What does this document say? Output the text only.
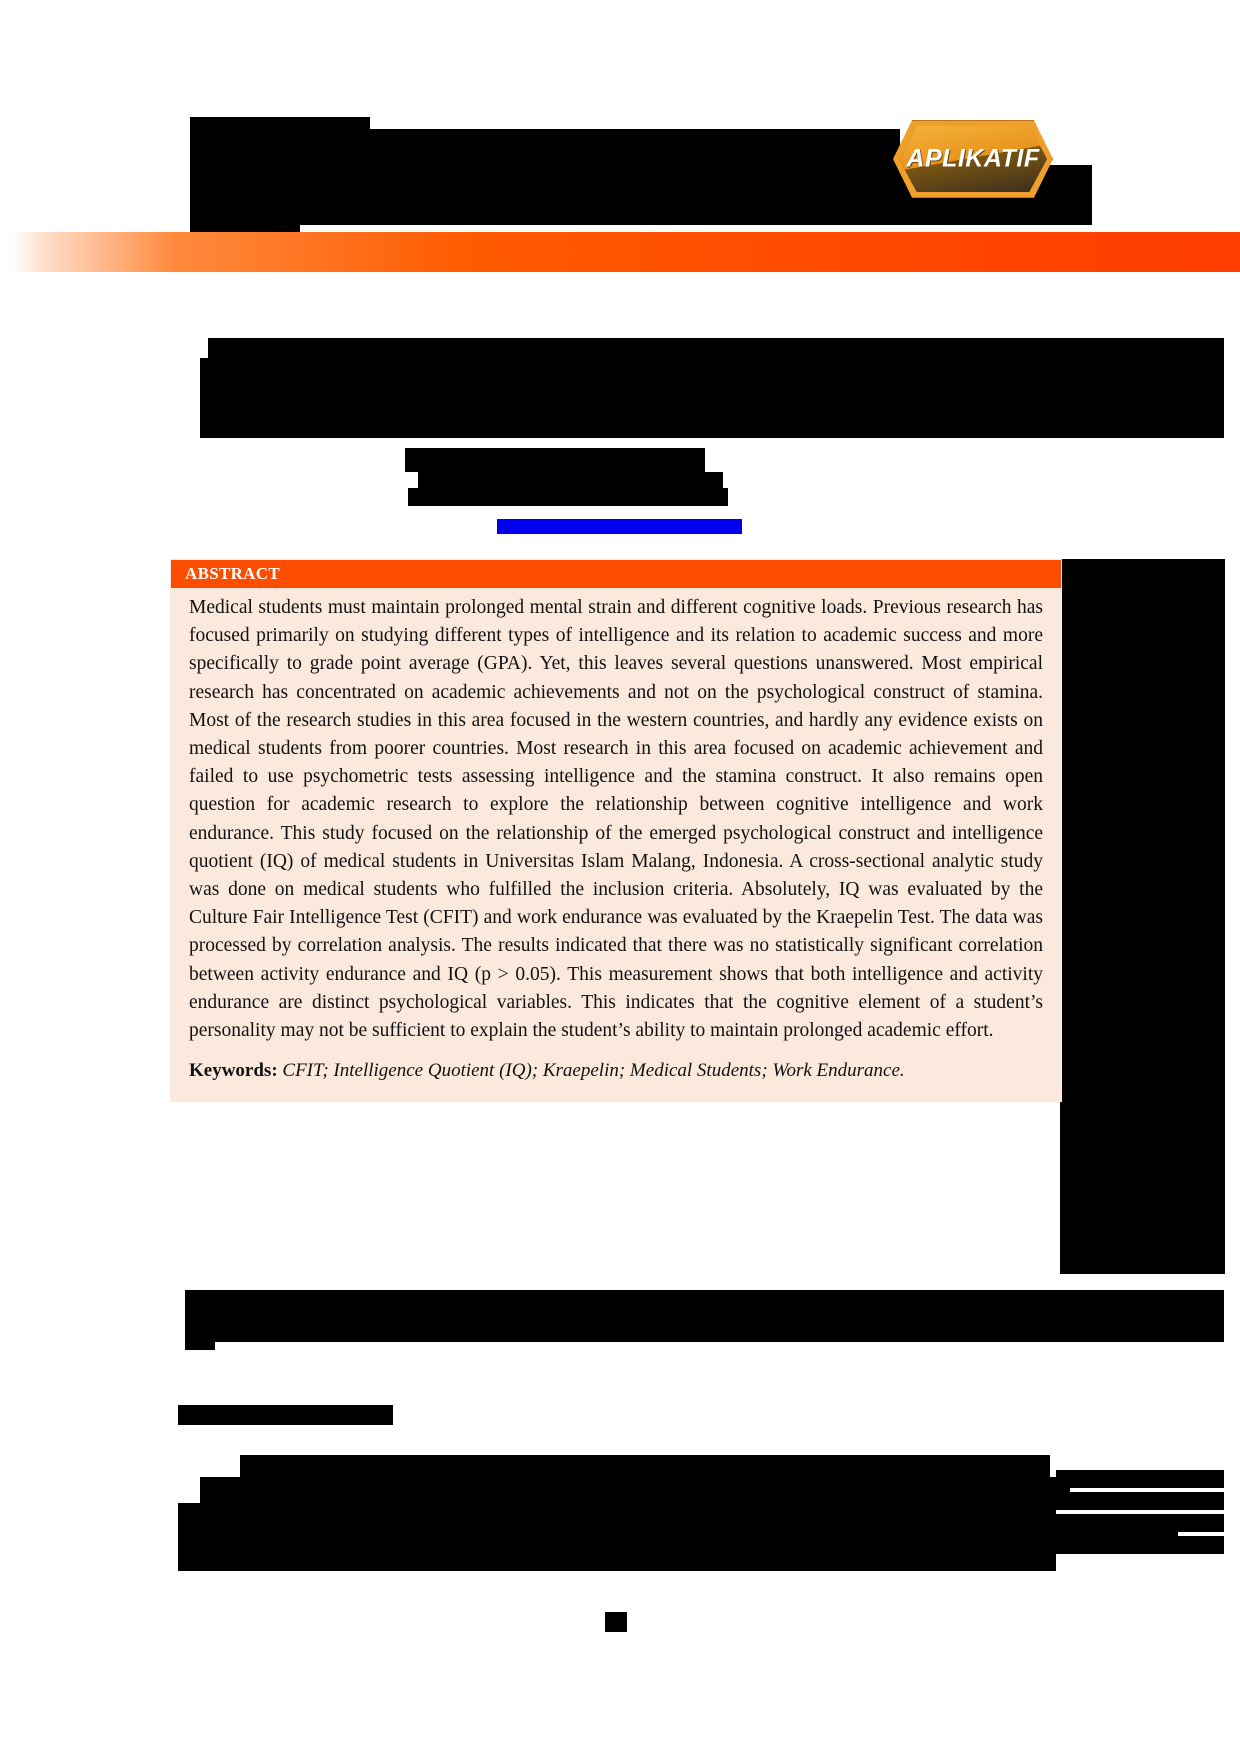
APLIKATIF
ABSTRACT
Medical students must maintain prolonged mental strain and different cognitive loads. Previous research has focused primarily on studying different types of intelligence and its relation to academic success and more specifically to grade point average (GPA). Yet, this leaves several questions unanswered. Most empirical research has concentrated on academic achievements and not on the psychological construct of stamina. Most of the research studies in this area focused in the western countries, and hardly any evidence exists on medical students from poorer countries. Most research in this area focused on academic achievement and failed to use psychometric tests assessing intelligence and the stamina construct. It also remains open question for academic research to explore the relationship between cognitive intelligence and work endurance. This study focused on the relationship of the emerged psychological construct and intelligence quotient (IQ) of medical students in Universitas Islam Malang, Indonesia. A cross-sectional analytic study was done on medical students who fulfilled the inclusion criteria. Absolutely, IQ was evaluated by the Culture Fair Intelligence Test (CFIT) and work endurance was evaluated by the Kraepelin Test. The data was processed by correlation analysis. The results indicated that there was no statistically significant correlation between activity endurance and IQ (p > 0.05). This measurement shows that both intelligence and activity endurance are distinct psychological variables. This indicates that the cognitive element of a student’s personality may not be sufficient to explain the student’s ability to maintain prolonged academic effort.
Keywords: CFIT; Intelligence Quotient (IQ); Kraepelin; Medical Students; Work Endurance.
